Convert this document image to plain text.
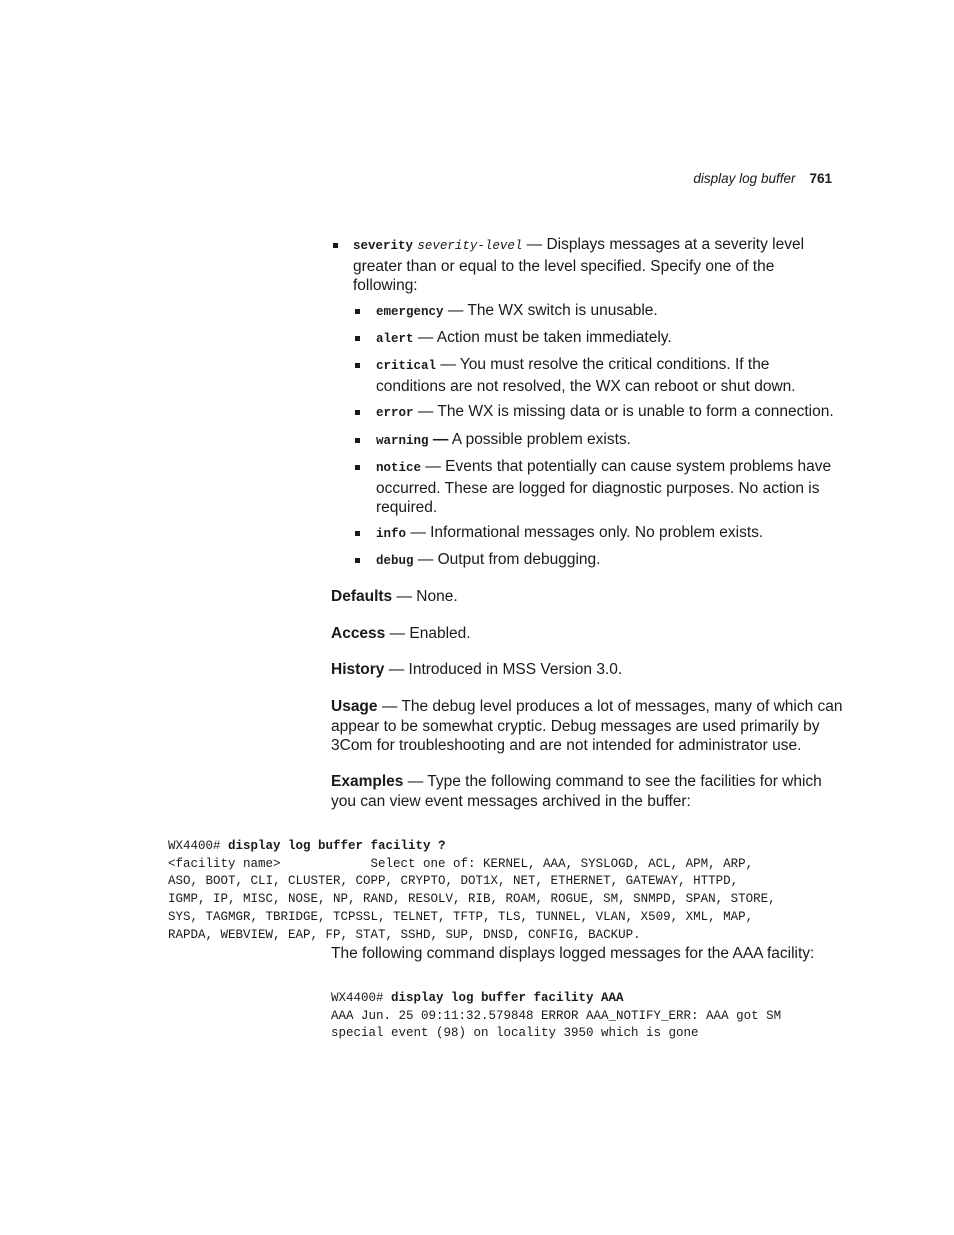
display log buffer 761
severity severity-level — Displays messages at a severity level greater than or equal to the level specified. Specify one of the following:
emergency — The WX switch is unusable.
alert — Action must be taken immediately.
critical — You must resolve the critical conditions. If the conditions are not resolved, the WX can reboot or shut down.
error — The WX is missing data or is unable to form a connection.
warning — A possible problem exists.
notice — Events that potentially can cause system problems have occurred. These are logged for diagnostic purposes. No action is required.
info — Informational messages only. No problem exists.
debug — Output from debugging.
Defaults — None.
Access — Enabled.
History — Introduced in MSS Version 3.0.
Usage — The debug level produces a lot of messages, many of which can appear to be somewhat cryptic. Debug messages are used primarily by 3Com for troubleshooting and are not intended for administrator use.
Examples — Type the following command to see the facilities for which you can view event messages archived in the buffer:

WX4400# display log buffer facility ?
<facility name>            Select one of: KERNEL, AAA, SYSLOGD, ACL, APM, ARP,
ASO, BOOT, CLI, CLUSTER, COPP, CRYPTO, DOT1X, NET, ETHERNET, GATEWAY, HTTPD,
IGMP, IP, MISC, NOSE, NP, RAND, RESOLV, RIB, ROAM, ROGUE, SM, SNMPD, SPAN, STORE,
SYS, TAGMGR, TBRIDGE, TCPSSL, TELNET, TFTP, TLS, TUNNEL, VLAN, X509, XML, MAP,
RAPDA, WEBVIEW, EAP, FP, STAT, SSHD, SUP, DNSD, CONFIG, BACKUP.

The following command displays logged messages for the AAA facility:

WX4400# display log buffer facility AAA
AAA Jun. 25 09:11:32.579848 ERROR AAA_NOTIFY_ERR: AAA got SM
special event (98) on locality 3950 which is gone
